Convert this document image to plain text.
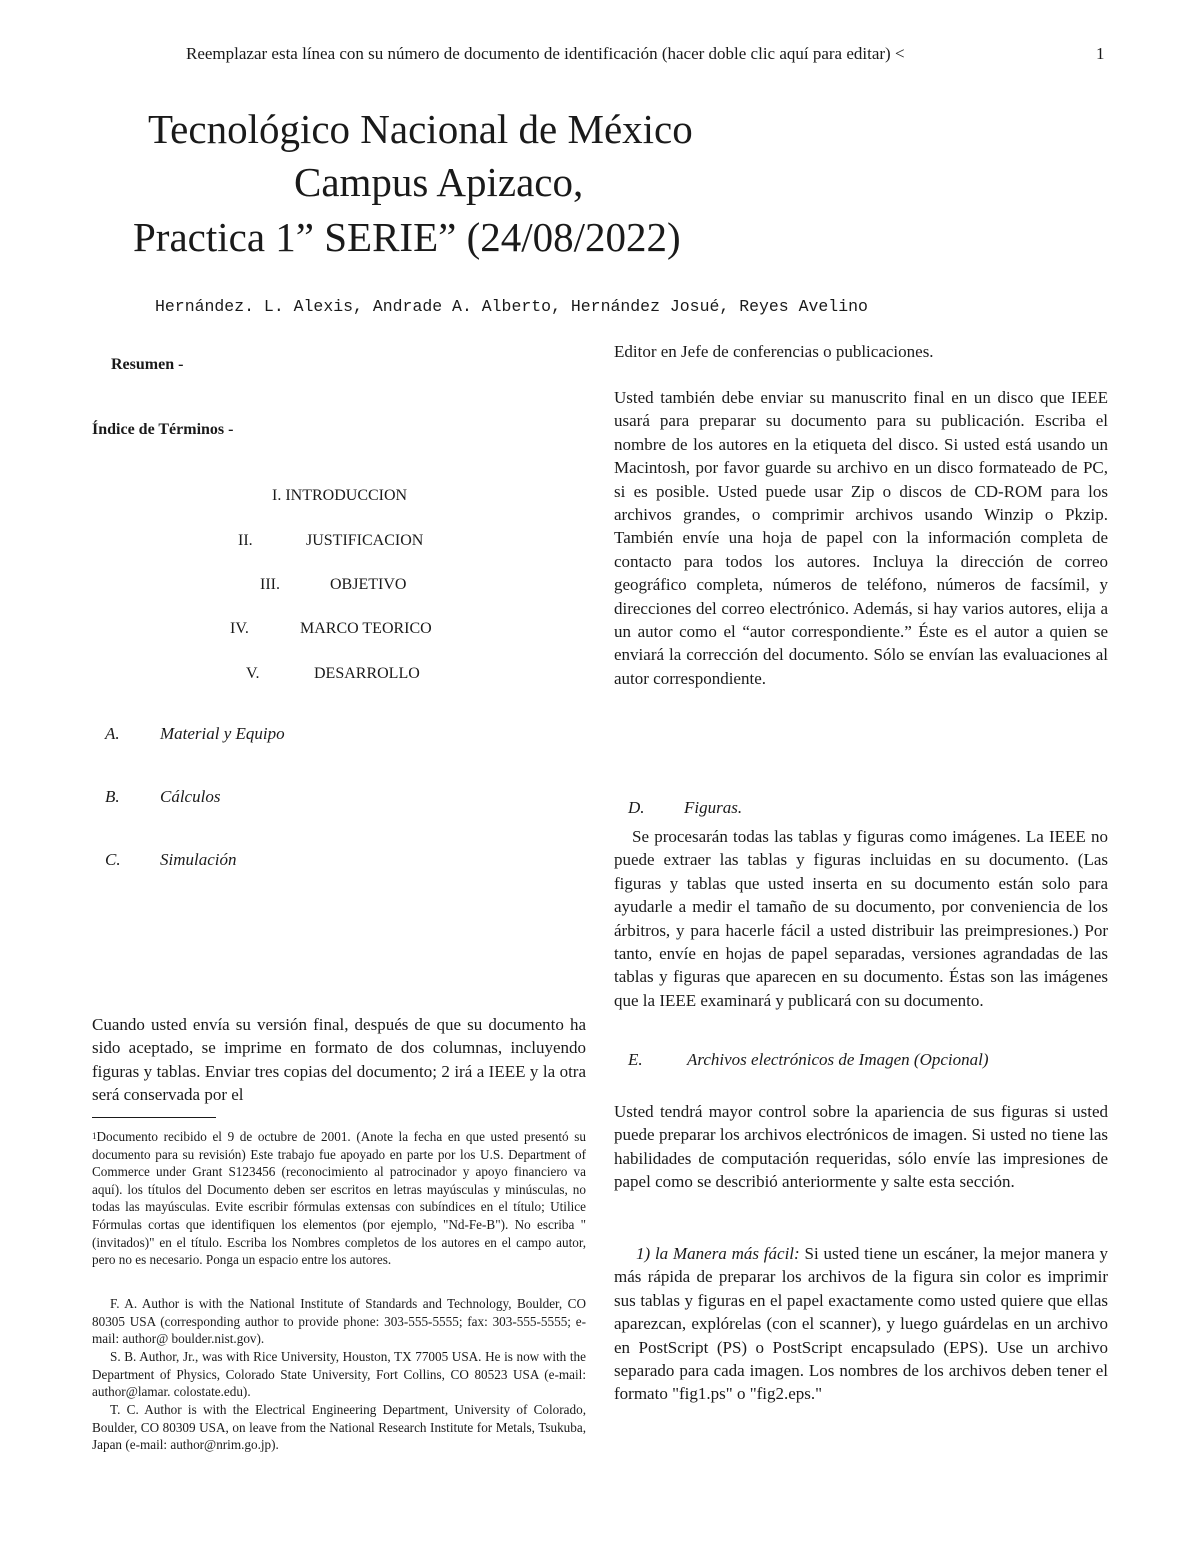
Reemplazar esta línea con su número de documento de identificación (hacer doble clic aquí para editar) <	1
Tecnológico Nacional de México
Campus Apizaco,
Practica 1” SERIE” (24/08/2022)
Hernández. L. Alexis, Andrade A. Alberto, Hernández Josué, Reyes Avelino
Resumen -
Índice de Términos -
I. INTRODUCCION
II.	JUSTIFICACION
III.	OBJETIVO
IV.	MARCO TEORICO
V.	DESARROLLO
A. Material y Equipo
B. Cálculos
C. Simulación
Cuando usted envía su versión final, después de que su documento ha sido aceptado, se imprime en formato de dos columnas, incluyendo figuras y tablas. Enviar tres copias del documento; 2 irá a IEEE y la otra será conservada por el
$^1$Documento recibido el 9 de octubre de 2001. (Anote la fecha en que usted presentó su documento para su revisión) Este trabajo fue apoyado en parte por los U.S. Department of Commerce under Grant S123456 (reconocimiento al patrocinador y apoyo financiero va aquí). los títulos del Documento deben ser escritos en letras mayúsculas y minúsculas, no todas las mayúsculas. Evite escribir fórmulas extensas con subíndices en el título; Utilice Fórmulas cortas que identifiquen los elementos (por ejemplo, "Nd-Fe-B"). No escriba "(invitados)" en el título. Escriba los Nombres completos de los autores en el campo autor, pero no es necesario. Ponga un espacio entre los autores.
F. A. Author is with the National Institute of Standards and Technology, Boulder, CO 80305 USA (corresponding author to provide phone: 303-555-5555; fax: 303-555-5555; e-mail: author@ boulder.nist.gov).
S. B. Author, Jr., was with Rice University, Houston, TX 77005 USA. He is now with the Department of Physics, Colorado State University, Fort Collins, CO 80523 USA (e-mail: author@lamar. colostate.edu).
T. C. Author is with the Electrical Engineering Department, University of Colorado, Boulder, CO 80309 USA, on leave from the National Research Institute for Metals, Tsukuba, Japan (e-mail: author@nrim.go.jp).
Editor en Jefe de conferencias o publicaciones.
Usted también debe enviar su manuscrito final en un disco que IEEE usará para preparar su documento para su publicación. Escriba el nombre de los autores en la etiqueta del disco. Si usted está usando un Macintosh, por favor guarde su archivo en un disco formateado de PC, si es posible. Usted puede usar Zip o discos de CD-ROM para los archivos grandes, o comprimir archivos usando Winzip o Pkzip. También envíe una hoja de papel con la información completa de contacto para todos los autores. Incluya la dirección de correo geográfico completa, números de teléfono, números de facsímil, y direcciones del correo electrónico. Además, si hay varios autores, elija a un autor como el “autor correspondiente.” Éste es el autor a quien se enviará la corrección del documento. Sólo se envían las evaluaciones al autor correspondiente.
D. Figuras.
Se procesarán todas las tablas y figuras como imágenes. La IEEE no puede extraer las tablas y figuras incluidas en su documento. (Las figuras y tablas que usted inserta en su documento están solo para ayudarle a medir el tamaño de su documento, por conveniencia de los árbitros, y para hacerle fácil a usted distribuir las preimpresiones.) Por tanto, envíe en hojas de papel separadas, versiones agrandadas de las tablas y figuras que aparecen en su documento. Éstas son las imágenes que la IEEE examinará y publicará con su documento.
E.	Archivos electrónicos de Imagen (Opcional)
Usted tendrá mayor control sobre la apariencia de sus figuras si usted puede preparar los archivos electrónicos de imagen. Si usted no tiene las habilidades de computación requeridas, sólo envíe las impresiones de papel como se describió anteriormente y salte esta sección.
1) la Manera más fácil: Si usted tiene un escáner, la mejor manera y más rápida de preparar los archivos de la figura sin color es imprimir sus tablas y figuras en el papel exactamente como usted quiere que ellas aparezcan, explórelas (con el scanner), y luego guárdelas en un archivo en PostScript (PS) o PostScript encapsulado (EPS). Use un archivo separado para cada imagen. Los nombres de los archivos deben tener el formato "fig1.ps" o "fig2.eps."
